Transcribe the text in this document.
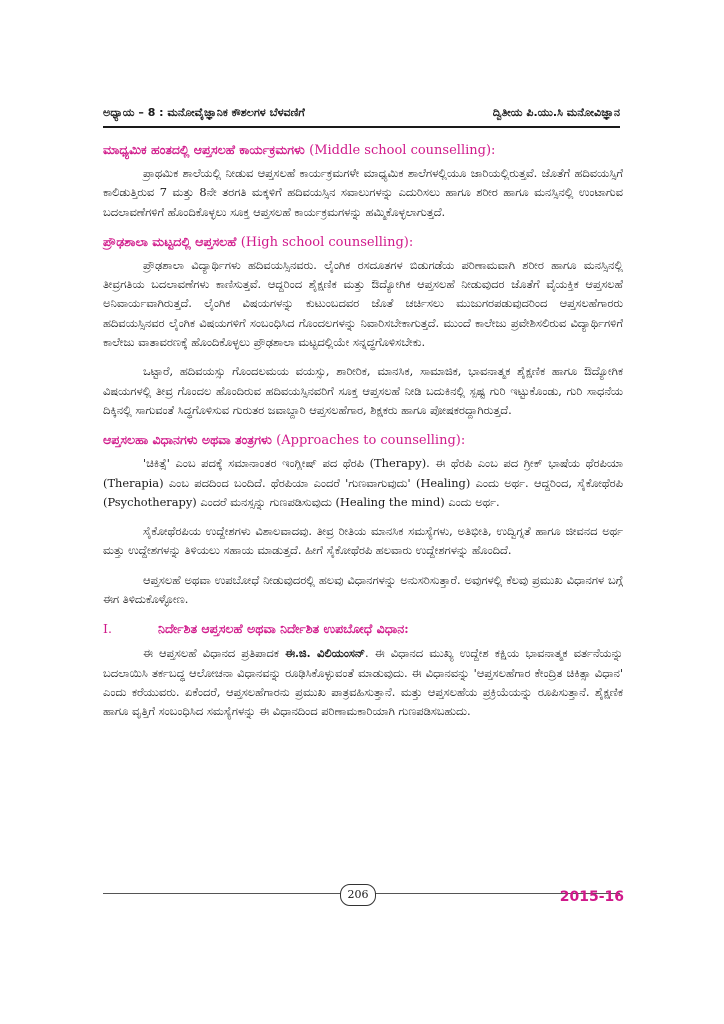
ಅಧ್ಯಾಯ – 8 : ಮನೋವೈಜ್ಞಾನಿಕ ಕೌಶಲಗಳ ಬೆಳವಣಿಗೆ	ದ್ವಿತೀಯ ಪಿ.ಯು.ಸಿ ಮನೋವಿಜ್ಞಾನ
ಮಾಧ್ಯಮಿಕ ಹಂತದಲ್ಲಿ ಆಪ್ತಸಲಹೆ ಕಾರ್ಯಕ್ರಮಗಳು (Middle school counselling):

ಪ್ರಾಥಮಿಕ ಶಾಲೆಯಲ್ಲಿ ನೀಡುವ ಆಪ್ತಸಲಹೆ ಕಾರ್ಯಕ್ರಮಗಳೇ ಮಾಧ್ಯಮಿಕ ಶಾಲೆಗಳಲ್ಲಿಯೂ ಜಾರಿಯಲ್ಲಿರುತ್ತವೆ. ಜೊತೆಗೆ ಹದಿವಯಸ್ಸಿಗೆ ಕಾಲಿಡುತ್ತಿರುವ 7 ಮತ್ತು 8ನೇ ತರಗತಿ ಮಕ್ಕಳಿಗೆ ಹದಿವಯಸ್ಸಿನ ಸವಾಲುಗಳನ್ನು ಎದುರಿಸಲು ಹಾಗೂ ಶರೀರ ಹಾಗೂ ಮನಸ್ಸಿನಲ್ಲಿ ಉಂಟಾಗುವ ಬದಲಾವಣೆಗಳಿಗೆ ಹೊಂದಿಕೊಳ್ಳಲು ಸೂಕ್ತ ಆಪ್ತಸಲಹೆ ಕಾರ್ಯಕ್ರಮಗಳನ್ನು ಹಮ್ಮಿಕೊಳ್ಳಲಾಗುತ್ತದೆ.

ಪ್ರೌಢಶಾಲಾ ಮಟ್ಟದಲ್ಲಿ ಆಪ್ತಸಲಹೆ (High school counselling):

ಪ್ರೌಢಶಾಲಾ ವಿದ್ಯಾರ್ಥಿಗಳು ಹದಿವಯಸ್ಸಿನವರು. ಲೈಂಗಿಕ ರಸದೂತಗಳ ಬಿಡುಗಡೆಯ ಪರಿಣಾಮವಾಗಿ ಶರೀರ ಹಾಗೂ ಮನಸ್ಸಿನಲ್ಲಿ ತೀವ್ರಗತಿಯ ಬದಲಾವಣೆಗಳು ಕಾಣಿಸುತ್ತವೆ. ಆದ್ದರಿಂದ ಶೈಕ್ಷಣಿಕ ಮತ್ತು ಔದ್ಯೋಗಿಕ ಆಪ್ತಸಲಹೆ ನೀಡುವುದರ ಜೊತೆಗೆ ವೈಯಕ್ತಿಕ ಆಪ್ತಸಲಹೆ ಅನಿವಾರ್ಯವಾಗಿರುತ್ತದೆ. ಲೈಂಗಿಕ ವಿಷಯಗಳನ್ನು ಕುಟುಂಬದವರ ಜೊತೆ ಚರ್ಚಿಸಲು ಮುಜುಗರಪಡುವುದರಿಂದ ಆಪ್ತಸಲಹೆಗಾರರು ಹದಿವಯಸ್ಸಿನವರ ಲೈಂಗಿಕ ವಿಷಯಗಳಿಗೆ ಸಂಬಂಧಿಸಿದ ಗೊಂದಲಗಳನ್ನು ನಿವಾರಿಸಬೇಕಾಗುತ್ತದೆ. ಮುಂದೆ ಕಾಲೇಜು ಪ್ರವೇಶಿಸಲಿರುವ ವಿದ್ಯಾರ್ಥಿಗಳಿಗೆ ಕಾಲೇಜು ವಾತಾವರಣಕ್ಕೆ ಹೊಂದಿಕೊಳ್ಳಲು ಪ್ರೌಢಶಾಲಾ ಮಟ್ಟದಲ್ಲಿಯೇ ಸನ್ನದ್ಧಗೊಳಿಸಬೇಕು.

ಒಟ್ಟಾರೆ, ಹದಿವಯಸ್ಸು ಗೊಂದಲಮಯ ವಯಸ್ಸು, ಶಾರೀರಿಕ, ಮಾನಸಿಕ, ಸಾಮಾಜಿಕ, ಭಾವನಾತ್ಮಕ ಶೈಕ್ಷಣಿಕ ಹಾಗೂ ಔದ್ಯೋಗಿಕ ವಿಷಯಗಳಲ್ಲಿ ತೀವ್ರ ಗೊಂದಲ ಹೊಂದಿರುವ ಹದಿವಯಸ್ಸಿನವರಿಗೆ ಸೂಕ್ತ ಆಪ್ತಸಲಹೆ ನೀಡಿ ಬದುಕಿನಲ್ಲಿ ಸ್ಪಷ್ಟ ಗುರಿ ಇಟ್ಟುಕೊಂಡು, ಗುರಿ ಸಾಧನೆಯ ದಿಕ್ಕಿನಲ್ಲಿ ಸಾಗುವಂತೆ ಸಿದ್ಧಗೊಳಿಸುವ ಗುರುತರ ಜವಾಬ್ದಾರಿ ಆಪ್ತಸಲಹೆಗಾರ, ಶಿಕ್ಷಕರು ಹಾಗೂ ಪೋಷಕರದ್ದಾಗಿರುತ್ತದೆ.

ಆಪ್ತಸಲಹಾ ವಿಧಾನಗಳು ಅಥವಾ ತಂತ್ರಗಳು (Approaches to counselling):

'ಚಿಕಿತ್ಸೆ' ಎಂಬ ಪದಕ್ಕೆ ಸಮಾನಾಂತರ ಇಂಗ್ಲೀಷ್ ಪದ ಥೆರಪಿ (Therapy). ಈ ಥೆರಪಿ ಎಂಬ ಪದ ಗ್ರೀಕ್ ಭಾಷೆಯ ಥೆರಪಿಯಾ (Therapia) ಎಂಬ ಪದದಿಂದ ಬಂದಿದೆ. ಥೆರಪಿಯಾ ಎಂದರೆ 'ಗುಣವಾಗುವುದು' (Healing) ಎಂದು ಅರ್ಥ. ಆದ್ದರಿಂದ, ಸೈಕೋಥೆರಪಿ (Psychotherapy) ಎಂದರೆ ಮನಸ್ಸನ್ನು ಗುಣಪಡಿಸುವುದು (Healing the mind) ಎಂದು ಅರ್ಥ.

ಸೈಕೋಥೆರಪಿಯ ಉದ್ದೇಶಗಳು ವಿಶಾಲವಾದವು. ತೀವ್ರ ರೀತಿಯ ಮಾನಸಿಕ ಸಮಸ್ಯೆಗಳು, ಅತಿಭೀತಿ, ಉದ್ವಿಗ್ನತೆ ಹಾಗೂ ಜೀವನದ ಅರ್ಥ ಮತ್ತು ಉದ್ದೇಶಗಳನ್ನು ತಿಳಿಯಲು ಸಹಾಯ ಮಾಡುತ್ತದೆ. ಹೀಗೆ ಸೈಕೋಥೆರಪಿ ಹಲವಾರು ಉದ್ದೇಶಗಳನ್ನು ಹೊಂದಿದೆ.

ಆಪ್ತಸಲಹೆ ಅಥವಾ ಉಪಬೋಧೆ ನೀಡುವುದರಲ್ಲಿ ಹಲವು ವಿಧಾನಗಳನ್ನು ಅನುಸರಿಸುತ್ತಾರೆ. ಅವುಗಳಲ್ಲಿ ಕೆಲವು ಪ್ರಮುಖ ವಿಧಾನಗಳ ಬಗ್ಗೆ ಈಗ ತಿಳಿದುಕೊಳ್ಳೋಣ.

I.	ನಿರ್ದೇಶಿತ ಆಪ್ತಸಲಹೆ ಅಥವಾ ನಿರ್ದೇಶಿತ ಉಪಬೋಧೆ ವಿಧಾನ:

ಈ ಆಪ್ತಸಲಹೆ ವಿಧಾನದ ಪ್ರತಿಪಾದಕ ಈ.ಜಿ. ವಿಲಿಯಂಸನ್. ಈ ವಿಧಾನದ ಮುಖ್ಯ ಉದ್ದೇಶ ಕಕ್ಷಿಯ ಭಾವನಾತ್ಮಕ ವರ್ತನೆಯನ್ನು ಬದಲಾಯಿಸಿ ತರ್ಕಬದ್ಧ ಆಲೋಚನಾ ವಿಧಾನವನ್ನು ರೂಢಿಸಿಕೊಳ್ಳುವಂತೆ ಮಾಡುವುದು. ಈ ವಿಧಾನವನ್ನು 'ಆಪ್ತಸಲಹೆಗಾರ ಕೇಂದ್ರಿತ ಚಿಕಿತ್ಸಾ ವಿಧಾನ' ಎಂದು ಕರೆಯುವರು. ಏಕೆಂದರೆ, ಆಪ್ತಸಲಹೆಗಾರನು ಪ್ರಮುಖ ಪಾತ್ರವಹಿಸುತ್ತಾನೆ. ಮತ್ತು ಆಪ್ತಸಲಹೆಯ ಪ್ರಕ್ರಿಯೆಯನ್ನು ರೂಪಿಸುತ್ತಾನೆ. ಶೈಕ್ಷಣಿಕ ಹಾಗೂ ವೃತ್ತಿಗೆ ಸಂಬಂಧಿಸಿದ ಸಮಸ್ಯೆಗಳನ್ನು ಈ ವಿಧಾನದಿಂದ ಪರಿಣಾಮಕಾರಿಯಾಗಿ ಗುಣಪಡಿಸಬಹುದು.

206	2015-16
